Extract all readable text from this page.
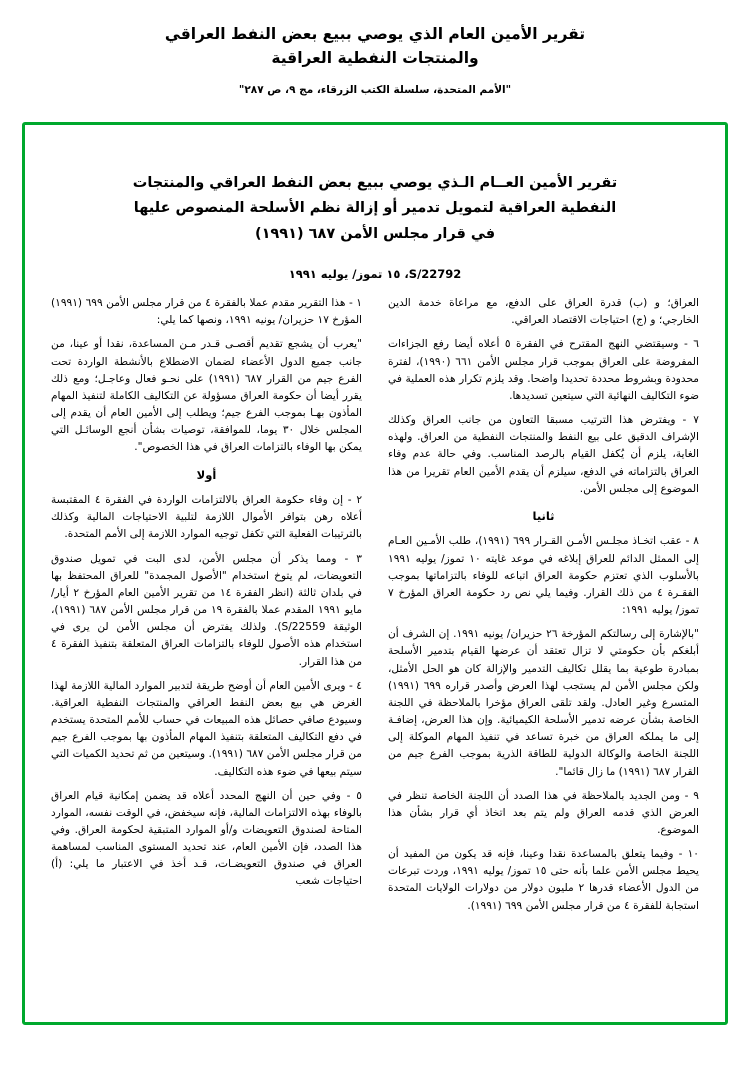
تقرير الأمين العام الذي يوصي ببيع بعض النفط العراقي
والمنتجات النفطية العراقية
"الأمم المتحدة، سلسلة الكتب الزرقاء، مج ٩، ص ٢٨٧"
تقرير الأمين العــام الـذي يوصي ببيع بعض النفط العراقي والمنتجات
النفطية العراقية لتمويل تدمير أو إزالة نظم الأسلحة المنصوص عليها
في قرار مجلس الأمن ٦٨٧ (١٩٩١)
S/22792، ١٥ تموز/ يوليه ١٩٩١

العراق؛ و (ب) قدرة العراق على الدفع، مع مراعاة خدمة الدين الخارجي؛ و (ج) احتياجات الاقتصاد العراقي.

٦ - وسيقتضي النهج المقترح في الفقرة ٥ أعلاه أيضا رفع الجزاءات المفروضة على العراق بموجب قرار مجلس الأمن ٦٦١ (١٩٩٠)، لفترة محدودة وبشروط محددة تحديدا واضحا. وقد يلزم تكرار هذه العملية في ضوء التكاليف النهائية التي سيتعين تسديدها.

٧ - ويفترض هذا الترتيب مسبقا التعاون من جانب العراق وكذلك الإشراف الدقيق على بيع النفط والمنتجات النفطية من العراق. ولهذه الغاية، يلزم أن يُكفل القيام بالرصد المناسب. وفي حالة عدم وفاء العراق بالتزاماته في الدفع، سيلزم أن يقدم الأمين العام تقريرا من هذا الموضوع إلى مجلس الأمن.

ثانيا

٨ - عقب اتخـاذ مجلـس الأمـن القـرار ٦٩٩ (١٩٩١)، طلب الأمـين العـام إلى الممثل الدائم للعراق إبلاغه في موعد غايته ١٠ تموز/ يوليه ١٩٩١ بالأسلوب الذي تعتزم حكومة العراق اتباعه للوفاء بالتزاماتها بموجب الفقـرة ٤ من ذلك القرار. وفيما يلي نص رد حكومة العراق المؤرخ ٧ تموز/ يوليه ١٩٩١:

"بالإشارة إلى رسالتكم المؤرخة ٢٦ حزيران/ يونيه ١٩٩١. إن الشرف أن أبلغكم بأن حكومتي لا تزال تعتقد أن عرضها القيام بتدمير الأسلحة بمبادرة طوعية بما يقلل تكاليف التدمير والإزالة كان هو الحل الأمثل، ولكن مجلس الأمن لم يستجب لهذا العرض وأصدر قراره ٦٩٩ (١٩٩١) المتسرع وغير العادل. ولقد تلقى العراق مؤخرا بالملاحظة في اللجنة الخاصة بشأن عرضه تدمير الأسلحة الكيميائية. وإن هذا العرض، إضافـة إلى ما يملكه العراق من خبرة تساعد في تنفيذ المهام الموكلة إلى اللجنة الخاصة والوكالة الدولية للطاقة الذرية بموجب الفرع جيم من القرار ٦٨٧ (١٩٩١) ما زال قائما".

٩ - ومن الجديد بالملاحظة في هذا الصدد أن اللجنة الخاصة تنظر في العرض الذي قدمه العراق ولم يتم بعد اتخاذ أي قرار بشأن هذا الموضوع.

١٠ - وفيما يتعلق بالمساعدة نقدا وعينا، فإنه قد يكون من المفيد أن يحيط مجلس الأمن علما بأنه حتى ١٥ تموز/ يوليه ١٩٩١، وردت تبرعات من الدول الأعضاء قدرها ٢ مليون دولار من دولارات الولايات المتحدة استجابة للفقرة ٤ من قرار مجلس الأمن ٦٩٩ (١٩٩١).

١ - هذا التقرير مقدم عملا بالفقرة ٤ من قرار مجلس الأمن ٦٩٩ (١٩٩١) المؤرخ ١٧ حزيران/ يونيه ١٩٩١، ونصها كما يلي:

"يعرب أن يشجع تقديم أقصـى قـدر مـن المساعدة، نقدا أو عينا، من جانب جميع الدول الأعضاء لضمان الاضطلاع بالأنشطة الواردة تحت الفرع جيم من القرار ٦٨٧ (١٩٩١) على نحـو فعال وعاجـل؛ ومع ذلك يقرر أيضا أن حكومة العراق مسؤولة عن التكاليف الكاملة لتنفيذ المهام المأذون بهـا بموجب الفرع جيم؛ ويطلب إلى الأمين العام أن يقدم إلى المجلس خلال ٣٠ يوما، للموافقة، توصيات بشأن أنجع الوسائـل التي يمكن بها الوفاء بالتزامات العراق في هذا الخصوص".

أولا

٢ - إن وفاء حكومة العراق بالالتزامات الواردة في الفقرة ٤ المقتبسة أعلاه رهن بتوافر الأموال اللازمة لتلبية الاحتياجات المالية وكذلك بالترتيبات الفعلية التي تكفل توجيه الموارد اللازمة إلى الأمم المتحدة.

٣ - ومما يذكر أن مجلس الأمن، لدى البت في تمويل صندوق التعويضات، لم يتوخ استخدام "الأصول المجمدة" للعراق المحتفظ بها في بلدان ثالثة (انظر الفقرة ١٤ من تقرير الأمين العام المؤرخ ٢ أيار/ مايو ١٩٩١ المقدم عملا بالفقرة ١٩ من قرار مجلس الأمن ٦٨٧ (١٩٩١)، الوثيقة S/22559). ولذلك يفترض أن مجلس الأمن لن يرى في استخدام هذه الأصول للوفاء بالتزامات العراق المتعلقة بتنفيذ الفقرة ٤ من هذا القرار.

٤ - ويرى الأمين العام أن أوضح طريقة لتدبير الموارد المالية اللازمة لهذا الغرض هي بيع بعض النفط العراقي والمنتجات النفطية العراقية. وسيودع صافي حصائل هذه المبيعات في حساب للأمم المتحدة يستخدم في دفع التكاليف المتعلقة بتنفيذ المهام المأذون بها بموجب الفرع جيم من قرار مجلس الأمن ٦٨٧ (١٩٩١). وسيتعين من ثم تحديد الكميات التي سيتم بيعها في ضوء هذه التكاليف.

٥ - وفي حين أن النهج المحدد أعلاه قد يضمن إمكانية قيام العراق بالوفاء بهذه الالتزامات المالية، فإنه سيخفض، في الوقت نفسه، الموارد المتاحة لصندوق التعويضات و/أو الموارد المتبقية لحكومة العراق. وفي هذا الصدد، فإن الأمين العام، عند تحديد المستوى المناسب لمساهمة العراق في صندوق التعويضـات، قـد أخذ في الاعتبار ما يلي: (أ) احتياجات شعب
